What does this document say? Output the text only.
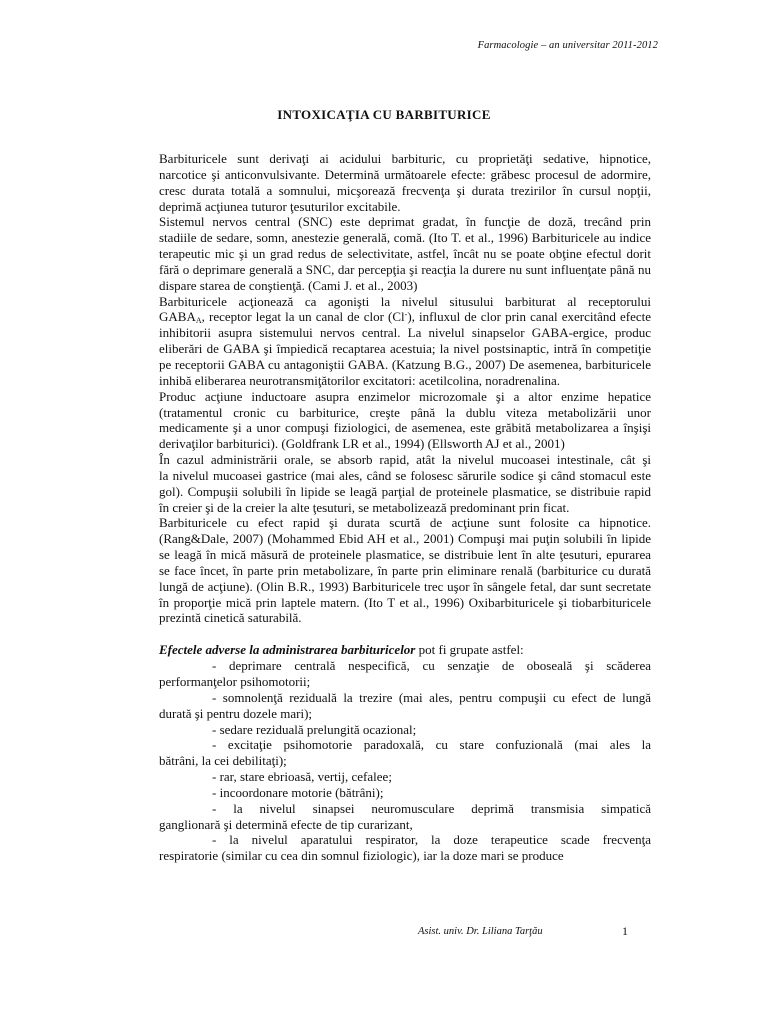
Farmacologie – an universitar 2011-2012
INTOXICAŢIA CU BARBITURICE
Barbituricele sunt derivaţi ai acidului barbituric, cu proprietăţi sedative, hipnotice,
narcotice şi anticonvulsivante. Determină următoarele efecte: grăbesc procesul de adormire,
cresc durata totală a somnului, micşorează frecvenţa şi durata trezirilor în cursul nopţii,
deprimă acţiunea tuturor ţesuturilor excitabile.
Sistemul nervos central (SNC) este deprimat gradat, în funcţie de doză, trecând prin
stadiile de sedare, somn, anestezie generală, comă. (Ito T. et al., 1996) Barbituricele au indice
terapeutic mic şi un grad redus de selectivitate, astfel, încât nu se poate obţine efectul dorit
fără o deprimare generală a SNC, dar percepţia şi reacţia la durere nu sunt influenţate până nu
dispare starea de conştienţă. (Cami J. et al., 2003)
Barbituricele acţionează ca agonişti la nivelul situsului barbiturat al receptorului
$GABA_A$, receptor legat la un canal de clor (Cl-), influxul de clor prin canal exercitând efecte
inhibitorii asupra sistemului nervos central. La nivelul sinapselor GABA-ergice, produc
eliberări de GABA şi împiedică recaptarea acestuia; la nivel postsinaptic, intră în competiţie
pe receptorii GABA cu antagoniştii GABA. (Katzung B.G., 2007) De asemenea, barbituricele
inhibă eliberarea neurotransmiţătorilor excitatori: acetilcolina, noradrenalina.
Produc acţiune inductoare asupra enzimelor microzomale şi a altor enzime hepatice
(tratamentul cronic cu barbiturice, creşte până la dublu viteza metabolizării unor
medicamente şi a unor compuşi fiziologici, de asemenea, este grăbită metabolizarea a înşişi
derivaţilor barbiturici). (Goldfrank LR et al., 1994) (Ellsworth AJ et al., 2001)
În cazul administrării orale, se absorb rapid, atât la nivelul mucoasei intestinale, cât şi
la nivelul mucoasei gastrice (mai ales, când se folosesc sărurile sodice şi când stomacul este
gol). Compuşii solubili în lipide se leagă parţial de proteinele plasmatice, se distribuie rapid
în creier şi de la creier la alte ţesuturi, se metabolizează predominant prin ficat.
Barbituricele cu efect rapid şi durata scurtă de acţiune sunt folosite ca hipnotice.
(Rang&Dale, 2007) (Mohammed Ebid AH et al., 2001) Compuşi mai puţin solubili în lipide
se leagă în mică măsură de proteinele plasmatice, se distribuie lent în alte ţesuturi, epurarea
se face încet, în parte prin metabolizare, în parte prin eliminare renală (barbiturice cu durată
lungă de acţiune). (Olin B.R., 1993) Barbituricele trec uşor în sângele fetal, dar sunt secretate
în proporţie mică prin laptele matern. (Ito T et al., 1996) Oxibarbituricele şi tiobarbituricele
prezintă cinetică saturabilă.
Efectele adverse la administrarea barbituricelor pot fi grupate astfel:
- deprimare centrală nespecifică, cu senzaţie de oboseală şi scăderea
performanţelor psihomotorii;
- somnolenţă reziduală la trezire (mai ales, pentru compuşii cu efect de lungă
durată şi pentru dozele mari);
- sedare reziduală prelungită ocazional;
- excitaţie psihomotorie paradoxală, cu stare confuzională (mai ales la
bătrâni, la cei debilitaţi);
- rar, stare ebrioasă, vertij, cefalee;
- incoordonare motorie (bătrâni);
- la nivelul sinapsei neuromusculare deprimă transmisia simpatică
ganglionară şi determină efecte de tip curarizant,
- la nivelul aparatului respirator, la doze terapeutice scade frecvenţa
respiratorie (similar cu cea din somnul fiziologic), iar la doze mari se produce
Asist. univ. Dr. Liliana Tarţău	1
